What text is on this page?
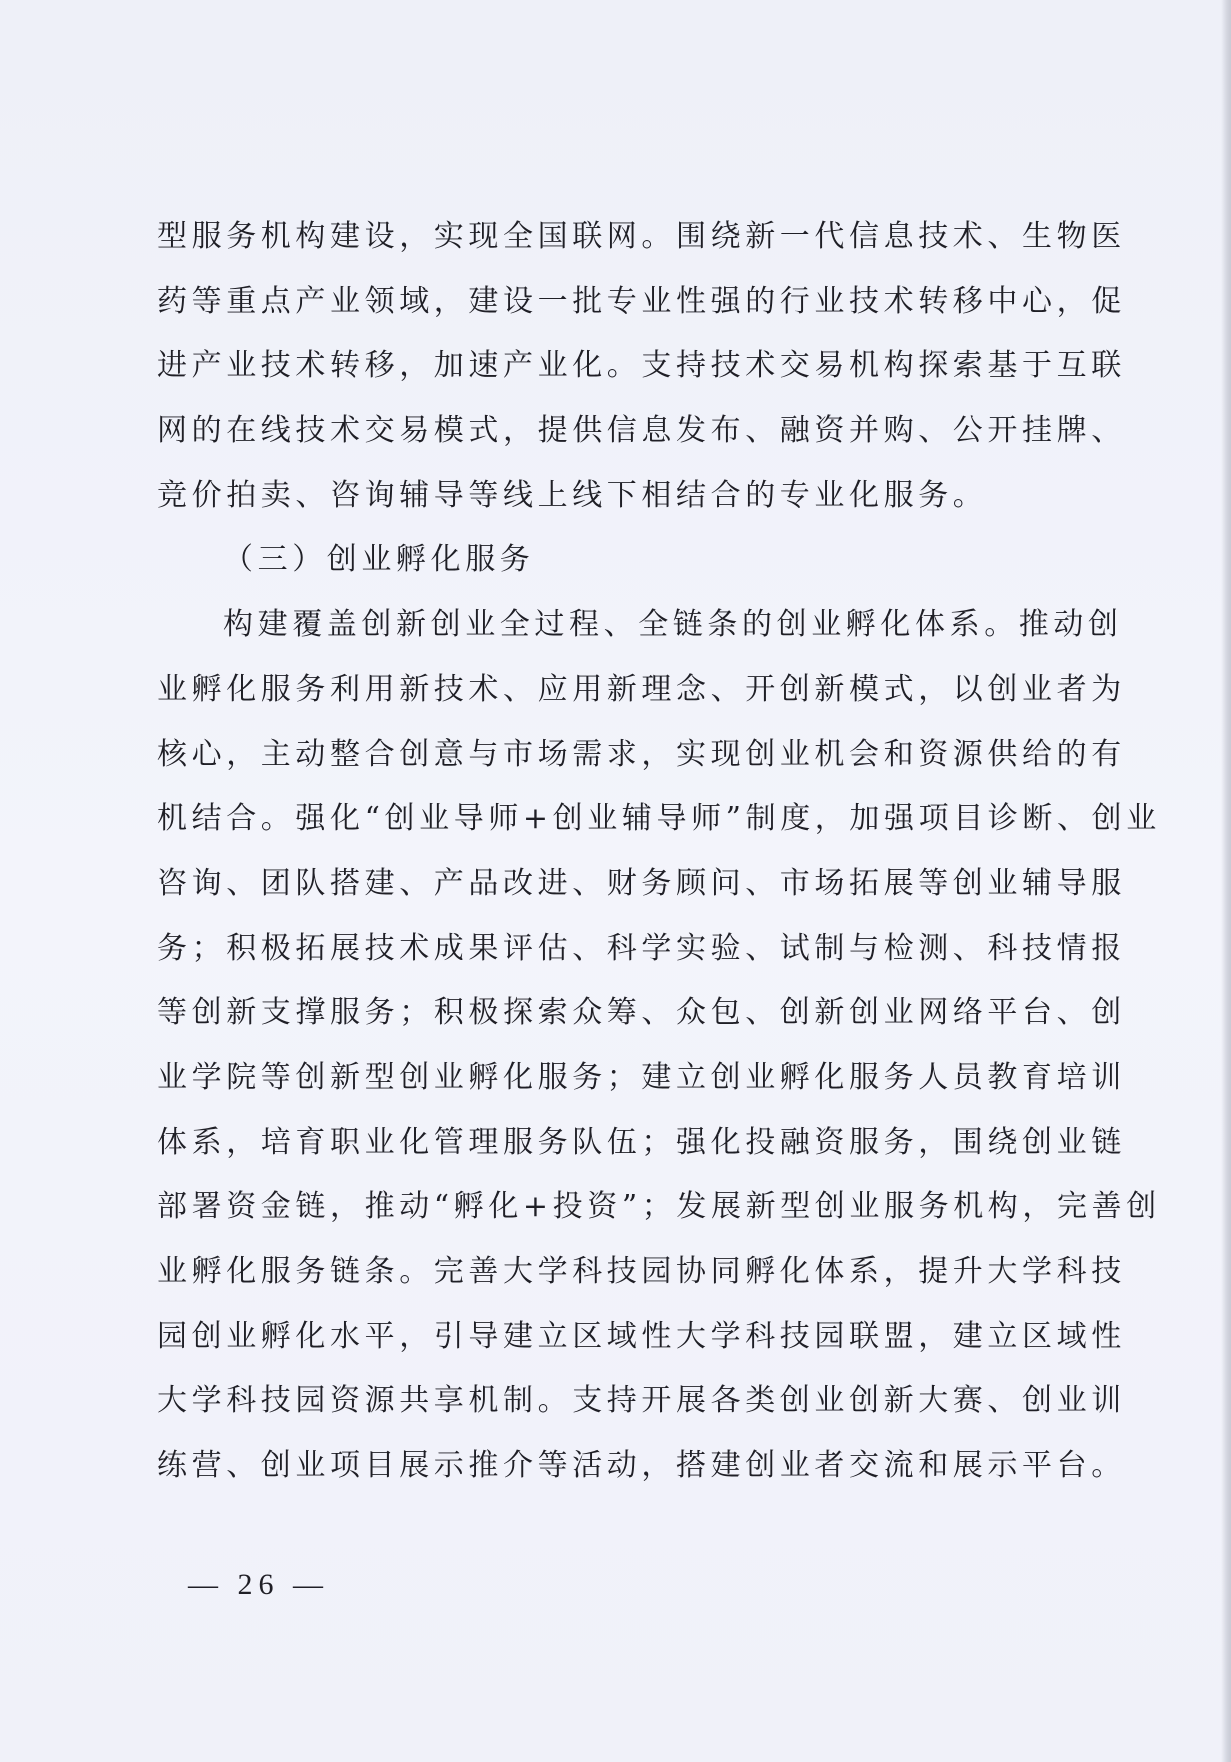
型服务机构建设，实现全国联网。围绕新一代信息技术、生物医
药等重点产业领域，建设一批专业性强的行业技术转移中心，促
进产业技术转移，加速产业化。支持技术交易机构探索基于互联
网的在线技术交易模式，提供信息发布、融资并购、公开挂牌、
竞价拍卖、咨询辅导等线上线下相结合的专业化服务。
（三）创业孵化服务
构建覆盖创新创业全过程、全链条的创业孵化体系。推动创
业孵化服务利用新技术、应用新理念、开创新模式，以创业者为
核心，主动整合创意与市场需求，实现创业机会和资源供给的有
机结合。强化“创业导师+创业辅导师”制度，加强项目诊断、创业
咨询、团队搭建、产品改进、财务顾问、市场拓展等创业辅导服
务；积极拓展技术成果评估、科学实验、试制与检测、科技情报
等创新支撑服务；积极探索众筹、众包、创新创业网络平台、创
业学院等创新型创业孵化服务；建立创业孵化服务人员教育培训
体系，培育职业化管理服务队伍；强化投融资服务，围绕创业链
部署资金链，推动“孵化+投资”；发展新型创业服务机构，完善创
业孵化服务链条。完善大学科技园协同孵化体系，提升大学科技
园创业孵化水平，引导建立区域性大学科技园联盟，建立区域性
大学科技园资源共享机制。支持开展各类创业创新大赛、创业训
练营、创业项目展示推介等活动，搭建创业者交流和展示平台。
— 26 —
